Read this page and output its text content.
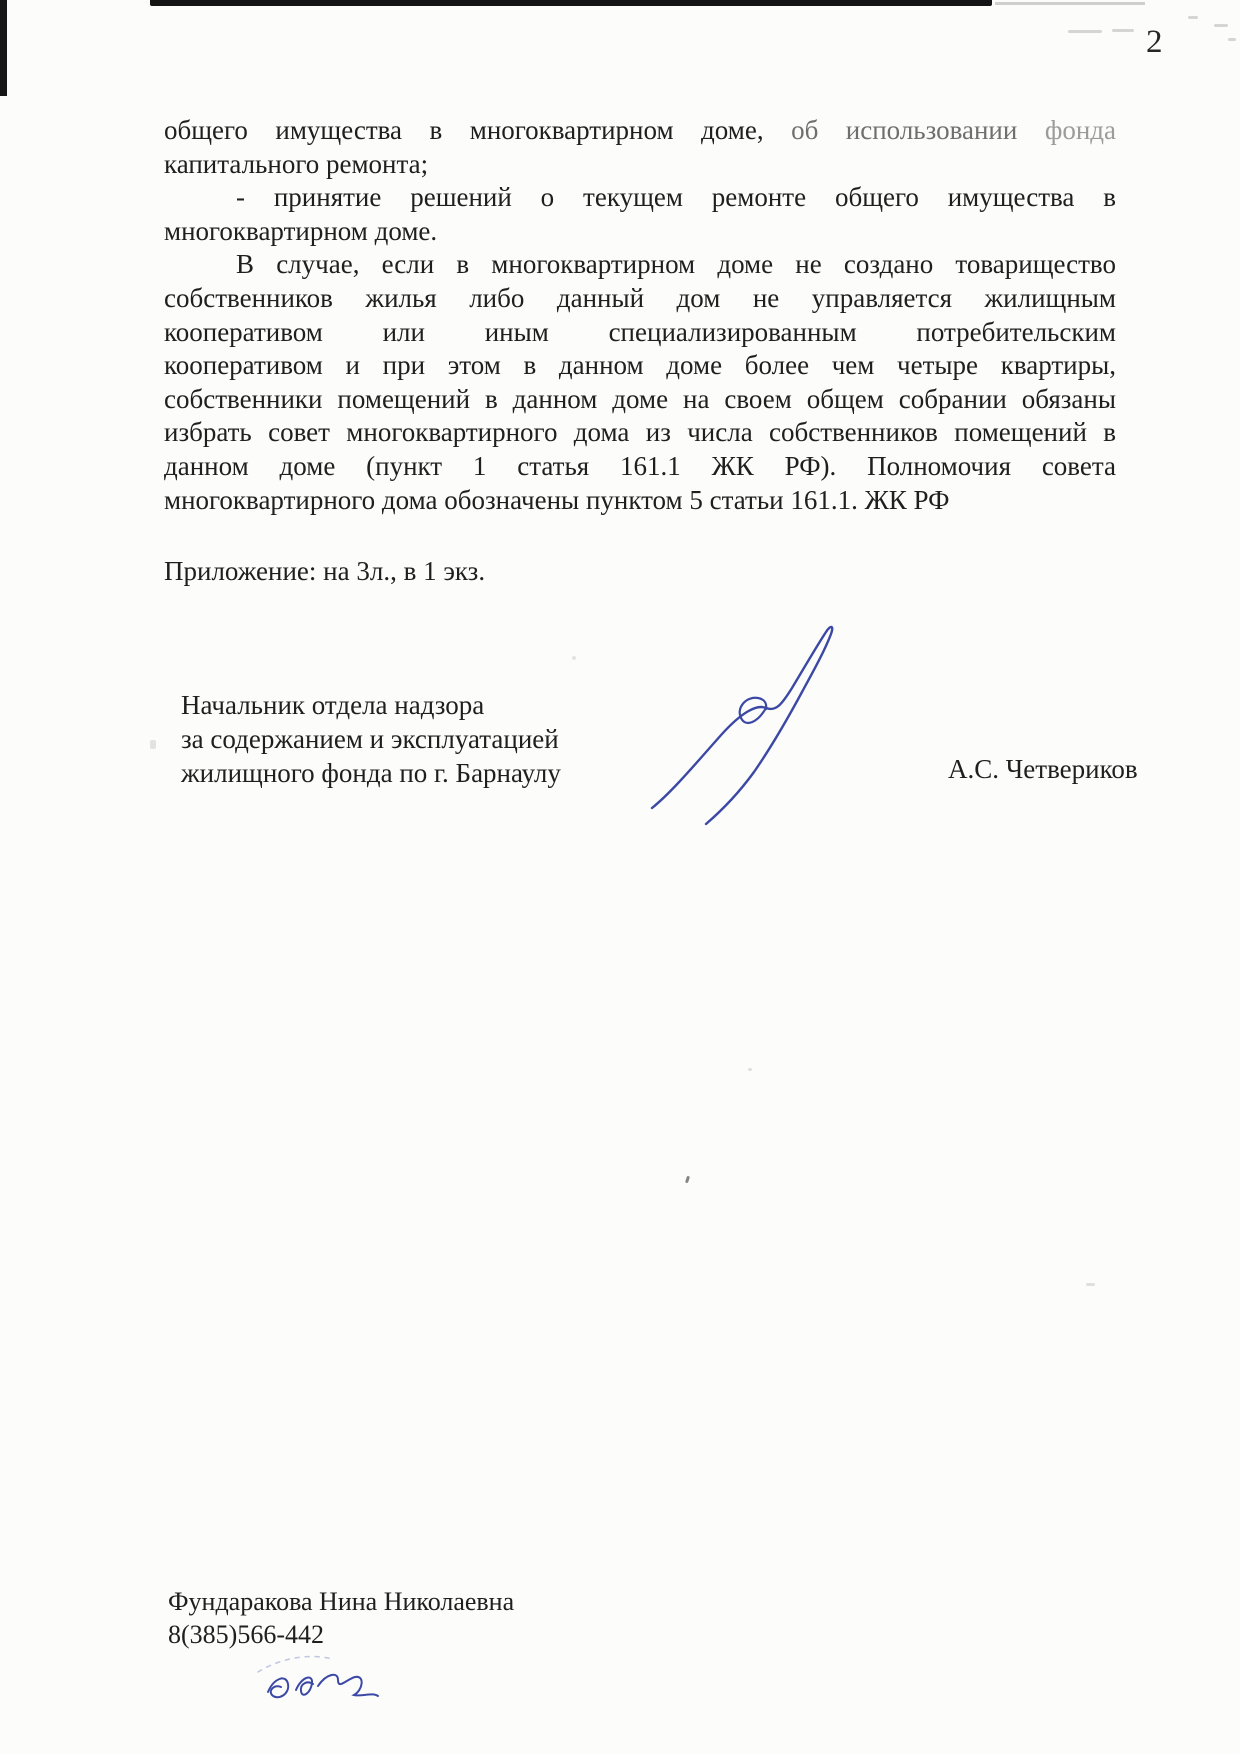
2
общего имущества в многоквартирном доме, об использовании фонда
капитального ремонта;
- принятие решений о текущем ремонте общего имущества в
многоквартирном доме.
В случае, если в многоквартирном доме не создано товарищество
собственников жилья либо данный дом не управляется жилищным
кооперативом или иным специализированным потребительским
кооперативом и при этом в данном доме более чем четыре квартиры,
собственники помещений в данном доме на своем общем собрании обязаны
избрать совет многоквартирного дома из числа собственников помещений в
данном доме (пункт 1 статья 161.1 ЖК РФ). Полномочия совета
многоквартирного дома обозначены пунктом 5 статьи 161.1. ЖК РФ
Приложение: на 3л., в 1 экз.
Начальник отдела надзора
за содержанием и эксплуатацией
жилищного фонда по г. Барнаулу	А.С. Четвериков
Фундаракова Нина Николаевна
8(385)566-442
